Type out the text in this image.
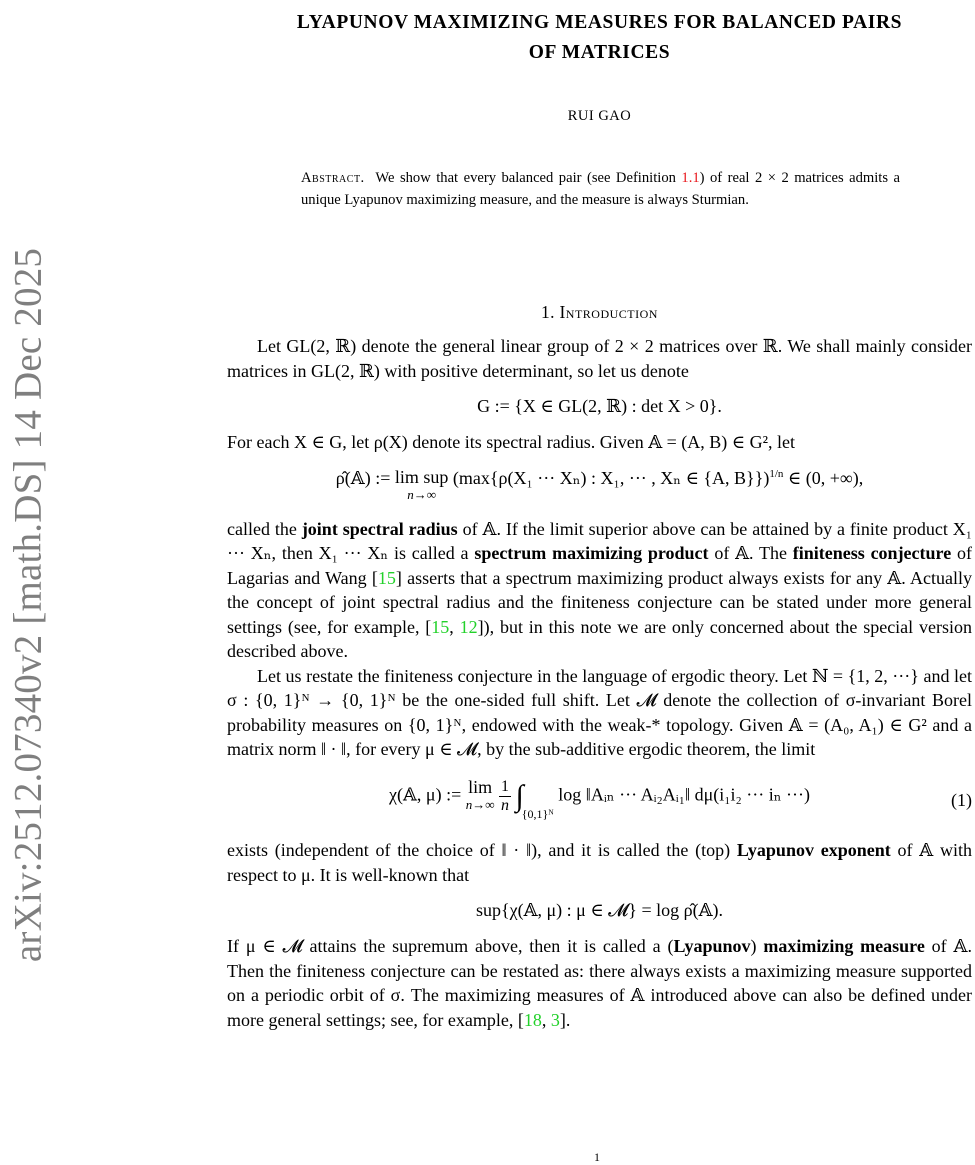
arXiv:2512.07340v2 [math.DS] 14 Dec 2025
LYAPUNOV MAXIMIZING MEASURES FOR BALANCED PAIRS
OF MATRICES
RUI GAO
Abstract. We show that every balanced pair (see Definition 1.1) of real 2 × 2 matrices admits a unique Lyapunov maximizing measure, and the measure is always Sturmian.
1. Introduction

Let GL(2, ℝ) denote the general linear group of 2 × 2 matrices over ℝ. We shall mainly consider matrices in GL(2, ℝ) with positive determinant, so let us denote

G := {X ∈ GL(2, ℝ) : det X > 0}.

For each X ∈ G, let ρ(X) denote its spectral radius. Given 𝔸 = (A, B) ∈ G², let

ρ̂(𝔸) := lim sup
n→∞
(max{ρ(X₁ ··· Xₙ) : X₁, ··· , Xₙ ∈ {A, B}})$^{1/n}$ ∈ (0, +∞),

called the joint spectral radius of 𝔸. If the limit superior above can be attained by a finite product X₁ ··· Xₙ, then X₁ ··· Xₙ is called a spectrum maximizing product of 𝔸. The finiteness conjecture of Lagarias and Wang [15] asserts that a spectrum maximizing product always exists for any 𝔸. Actually the concept of joint spectral radius and the finiteness conjecture can be stated under more general settings (see, for example, [15, 12]), but in this note we are only concerned about the special version described above.

Let us restate the finiteness conjecture in the language of ergodic theory. Let ℕ = {1, 2, ···} and let σ : {0, 1}ᴺ → {0, 1}ᴺ be the one-sided full shift. Let 𝓜 denote the collection of σ-invariant Borel probability measures on {0, 1}ᴺ, endowed with the weak-* topology. Given 𝔸 = (A₀, A₁) ∈ G² and a matrix norm ‖ · ‖, for every μ ∈ 𝓜, by the sub-additive ergodic theorem, the limit

χ(𝔸, μ) := lim
n→∞
$\frac{1}{n} \int_{\{0,1\}ᴺ}$ log ‖Aᵢₙ ··· Aᵢ₂Aᵢ₁‖ dμ(i₁i₂ ··· iₙ ···)	(1)

exists (independent of the choice of ‖ · ‖), and it is called the (top) Lyapunov exponent of 𝔸 with respect to μ. It is well-known that

sup{χ(𝔸, μ) : μ ∈ 𝓜} = log ρ̂(𝔸).

If μ ∈ 𝓜 attains the supremum above, then it is called a (Lyapunov) maximizing measure of 𝔸. Then the finiteness conjecture can be restated as: there always exists a maximizing measure supported on a periodic orbit of σ. The maximizing measures of 𝔸 introduced above can also be defined under more general settings; see, for example, [18, 3].

1
